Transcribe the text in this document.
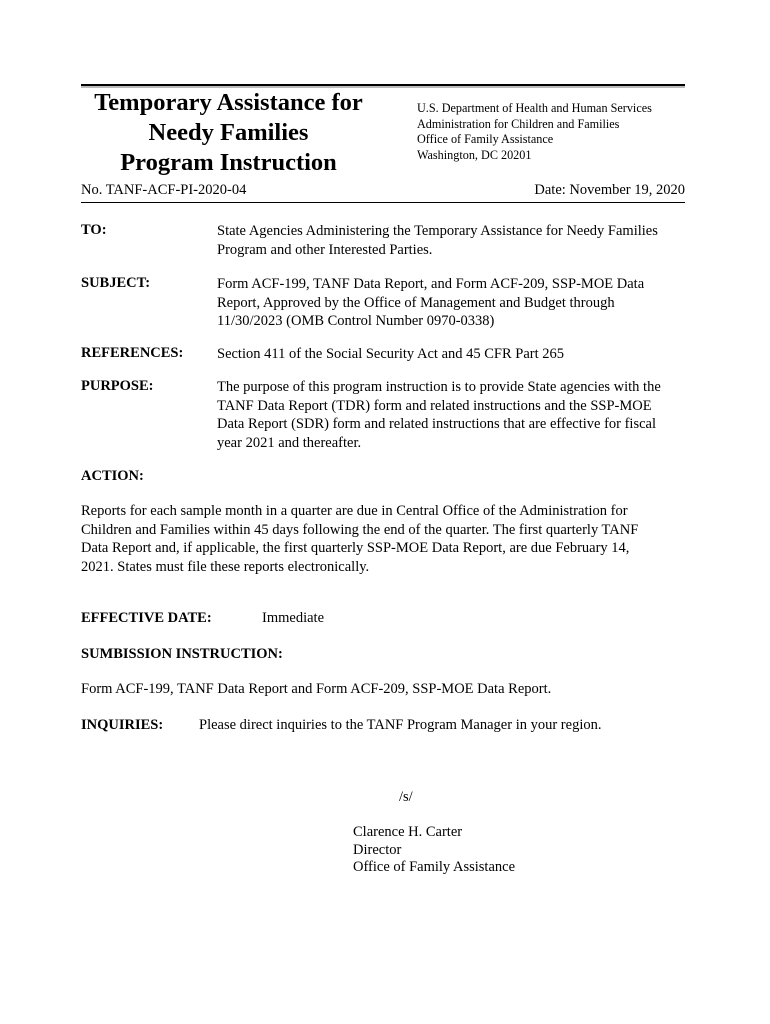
Temporary Assistance for
Needy Families
Program Instruction
U.S. Department of Health and Human Services
Administration for Children and Families
Office of Family Assistance
Washington, DC 20201
No. TANF-ACF-PI-2020-04	Date: November 19, 2020
TO:	State Agencies Administering the Temporary Assistance for Needy Families
Program and other Interested Parties.
SUBJECT:	Form ACF-199, TANF Data Report, and Form ACF-209, SSP-MOE Data
Report, Approved by the Office of Management and Budget through
11/30/2023 (OMB Control Number 0970-0338)
REFERENCES: Section 411 of the Social Security Act and 45 CFR Part 265
PURPOSE:	The purpose of this program instruction is to provide State agencies with the
TANF Data Report (TDR) form and related instructions and the SSP-MOE
Data Report (SDR) form and related instructions that are effective for fiscal
year 2021 and thereafter.
ACTION:
Reports for each sample month in a quarter are due in Central Office of the Administration for
Children and Families within 45 days following the end of the quarter. The first quarterly TANF
Data Report and, if applicable, the first quarterly SSP-MOE Data Report, are due February 14,
2021. States must file these reports electronically.
EFFECTIVE DATE:	Immediate
SUMBISSION INSTRUCTION:
Form ACF-199, TANF Data Report and Form ACF-209, SSP-MOE Data Report.
INQUIRIES: Please direct inquiries to the TANF Program Manager in your region.
/s/
Clarence H. Carter
Director
Office of Family Assistance
